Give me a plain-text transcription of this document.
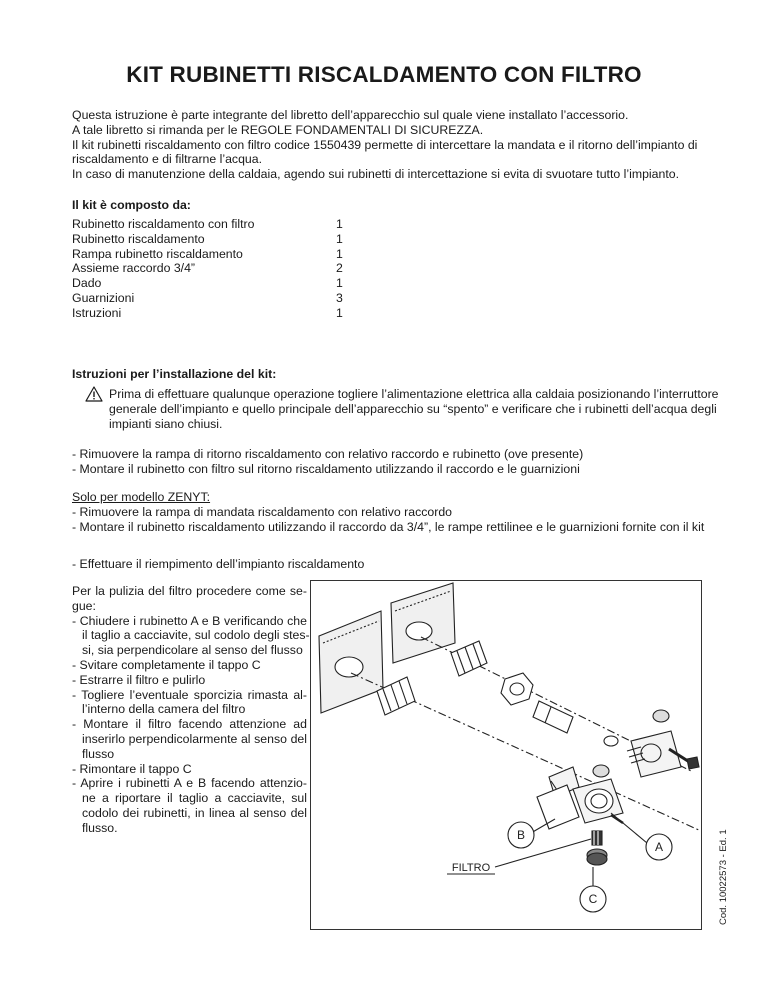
KIT RUBINETTI RISCALDAMENTO CON FILTRO
Questa istruzione è parte integrante del libretto dell’apparecchio sul quale viene installato l’accessorio.
A tale libretto si rimanda per le REGOLE FONDAMENTALI DI SICUREZZA.
Il kit rubinetti riscaldamento con filtro codice 1550439 permette di intercettare la mandata e il ritorno dell’impianto di
riscaldamento e di filtrarne l’acqua.
In caso di manutenzione della caldaia, agendo sui rubinetti di intercettazione si evita di svuotare tutto l’impianto.
Il kit è composto da:
Rubinetto riscaldamento con filtro	1
Rubinetto riscaldamento	1
Rampa rubinetto riscaldamento	1
Assieme raccordo 3/4”	2
Dado	1
Guarnizioni	3
Istruzioni	1
Istruzioni per l’installazione del kit:
Prima di effettuare qualunque operazione togliere l’alimentazione elettrica alla caldaia posizionando l’interruttore
generale dell’impianto e quello principale dell’apparecchio su “spento” e verificare che i rubinetti dell’acqua degli
impianti siano chiusi.
- Rimuovere la rampa di ritorno riscaldamento con relativo raccordo e rubinetto (ove presente)
- Montare il rubinetto con filtro sul ritorno riscaldamento utilizzando il raccordo e le guarnizioni
Solo per modello ZENYT:
- Rimuovere la rampa di mandata riscaldamento con relativo raccordo
- Montare il rubinetto riscaldamento utilizzando il raccordo da 3/4”, le rampe rettilinee e le guarnizioni fornite con il kit
- Effettuare il riempimento dell’impianto riscaldamento
Per la pulizia del filtro procedere come se-
gue:
- Chiudere i rubinetto A e B verificando che
il taglio a cacciavite, sul codolo degli stes-
si, sia perpendicolare al senso del flusso
- Svitare completamente il tappo C
- Estrarre il filtro e pulirlo
- Togliere l’eventuale sporcizia rimasta al-
l’interno della camera del filtro
- Montare il filtro facendo attenzione ad
inserirlo perpendicolarmente al senso del
flusso
- Rimontare il tappo C
- Aprire i rubinetti A e B facendo attenzio-
ne a riportare il taglio a cacciavite, sul
codolo dei rubinetti, in linea al senso del
flusso.
B
A
C
FILTRO	Cod. 10022573 - Ed. 1
